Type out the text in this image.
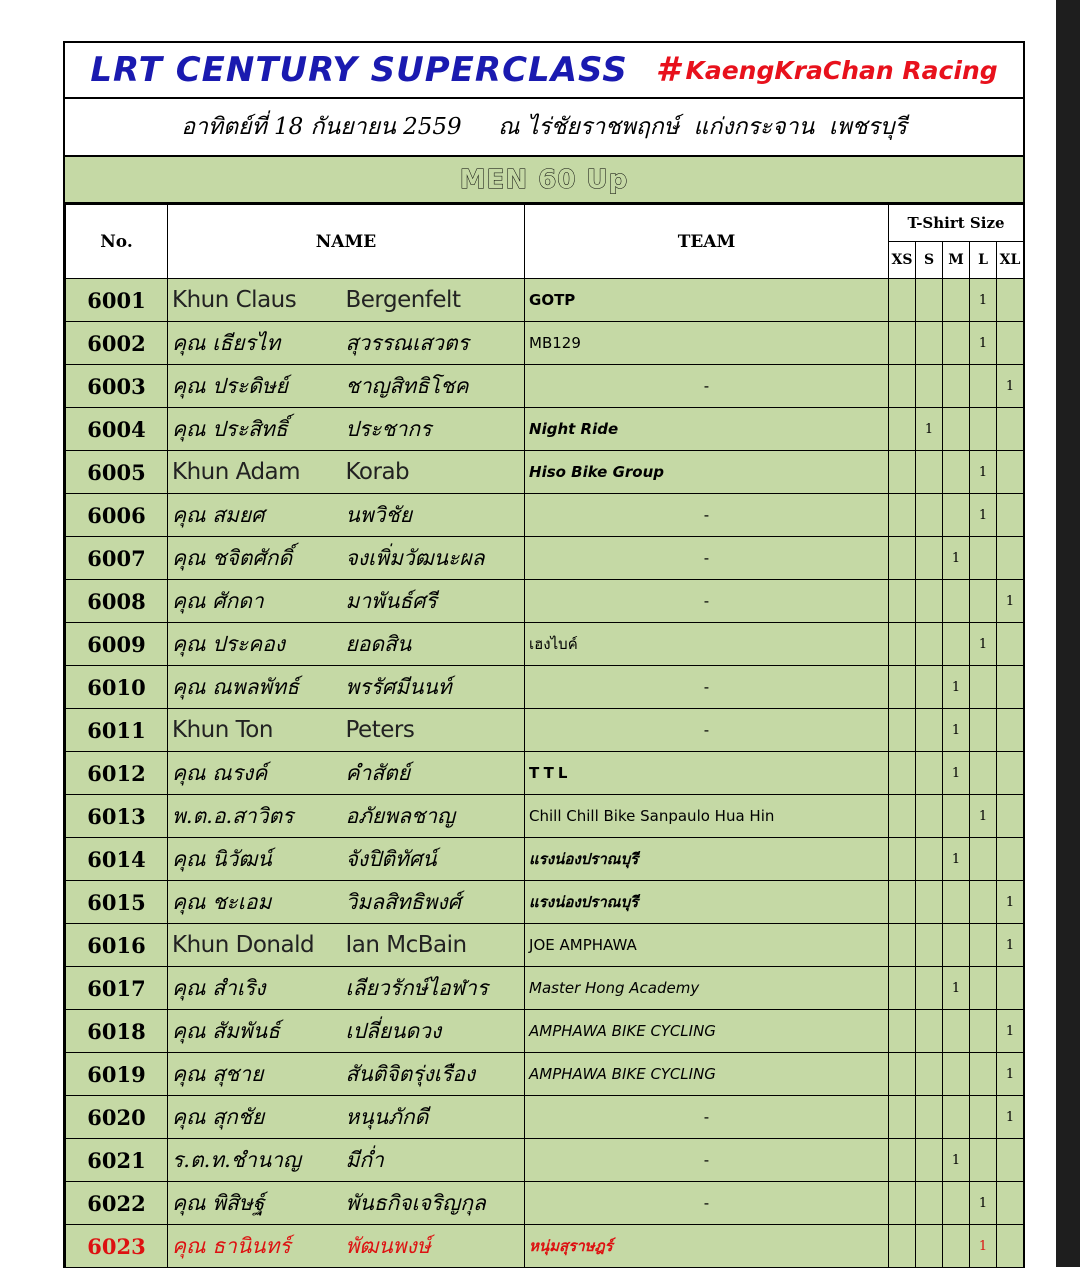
LRT CENTURY SUPERCLASS # KaengKraChan Racing
อาทิตย์ที่ 18 กันยายน 2559     ณ ไร่ชัยราชพฤกษ์  แก่งกระจาน  เพชรบุรี
MEN 60 Up
No.	NAME		TEAM	T-Shirt Size				
				XS	S	M	L	XL
6001	Khun Claus	Bergenfelt	GOTP				1	
6002	คุณ เธียรไท	สุวรรณเสวตร	MB129				1	
6003	คุณ ประดิษย์	ชาญสิทธิโชค	-					1
6004	คุณ ประสิทธิ์	ประชากร	Night Ride		1			
6005	Khun Adam	Korab	Hiso Bike Group				1	
6006	คุณ สมยศ	นพวิชัย	-				1	
6007	คุณ ชจิตศักดิ์	จงเพิ่มวัฒนะผล	-			1		
6008	คุณ ศักดา	มาพันธ์ศรี	-					1
6009	คุณ ประคอง	ยอดสิน	เฮงไบค์				1	
6010	คุณ ณพลพัทธ์	พรรัศมีนนท์	-			1		
6011	Khun Ton	Peters	-			1		
6012	คุณ ณรงค์	คำสัตย์	TTL			1		
6013	พ.ต.อ.สาวิตร	อภัยพลชาญ	Chill Chill Bike Sanpaulo Hua Hin				1	
6014	คุณ นิวัฒน์	จังปิติทัศน์	แรงน่องปราณบุรี			1		
6015	คุณ ชะเอม	วิมลสิทธิพงศ์	แรงน่องปราณบุรี					1
6016	Khun Donald	Ian McBain	JOE AMPHAWA					1
6017	คุณ สำเริง	เลียวรักษ์ไอฬาร	Master Hong Academy			1		
6018	คุณ สัมพันธ์	เปลี่ยนดวง	AMPHAWA BIKE CYCLING					1
6019	คุณ สุชาย	สันติจิตรุ่งเรือง	AMPHAWA BIKE CYCLING					1
6020	คุณ สุกชัย	หนุนภักดี	-					1
6021	ร.ต.ท.ชำนาญ	มีก่ำ	-			1		
6022	คุณ พิสิษฐ์	พันธกิจเจริญกุล	-				1	
6023	คุณ ธานินทร์	พัฒนพงษ์	หนุ่มสุราษฎร์				1	
